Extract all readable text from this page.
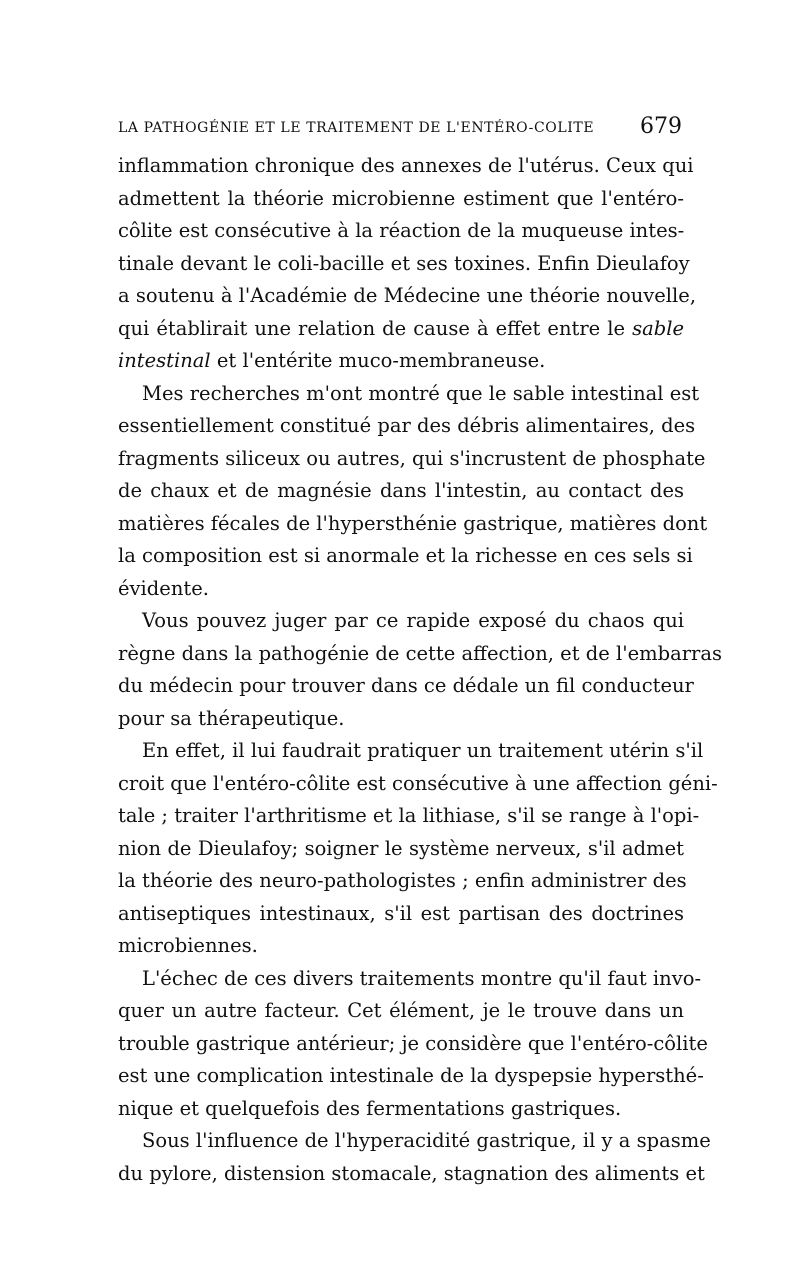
LA PATHOGÉNIE ET LE TRAITEMENT DE L'ENTÉRO-COLITE 679
inflammation chronique des annexes de l'utérus. Ceux qui
admettent la théorie microbienne estiment que l'entéro-
côlite est consécutive à la réaction de la muqueuse intes-
tinale devant le coli-bacille et ses toxines. Enfin Dieulafoy
a soutenu à l'Académie de Médecine une théorie nouvelle,
qui établirait une relation de cause à effet entre le sable
intestinal et l'entérite muco-membraneuse.
Mes recherches m'ont montré que le sable intestinal est
essentiellement constitué par des débris alimentaires, des
fragments siliceux ou autres, qui s'incrustent de phosphate
de chaux et de magnésie dans l'intestin, au contact des
matières fécales de l'hypersthénie gastrique, matières dont
la composition est si anormale et la richesse en ces sels si
évidente.
Vous pouvez juger par ce rapide exposé du chaos qui
règne dans la pathogénie de cette affection, et de l'embarras
du médecin pour trouver dans ce dédale un fil conducteur
pour sa thérapeutique.
En effet, il lui faudrait pratiquer un traitement utérin s'il
croit que l'entéro-côlite est consécutive à une affection géni-
tale ; traiter l'arthritisme et la lithiase, s'il se range à l'opi-
nion de Dieulafoy; soigner le système nerveux, s'il admet
la théorie des neuro-pathologistes ; enfin administrer des
antiseptiques intestinaux, s'il est partisan des doctrines
microbiennes.
L'échec de ces divers traitements montre qu'il faut invo-
quer un autre facteur. Cet élément, je le trouve dans un
trouble gastrique antérieur; je considère que l'entéro-côlite
est une complication intestinale de la dyspepsie hypersthé-
nique et quelquefois des fermentations gastriques.
Sous l'influence de l'hyperacidité gastrique, il y a spasme
du pylore, distension stomacale, stagnation des aliments et
